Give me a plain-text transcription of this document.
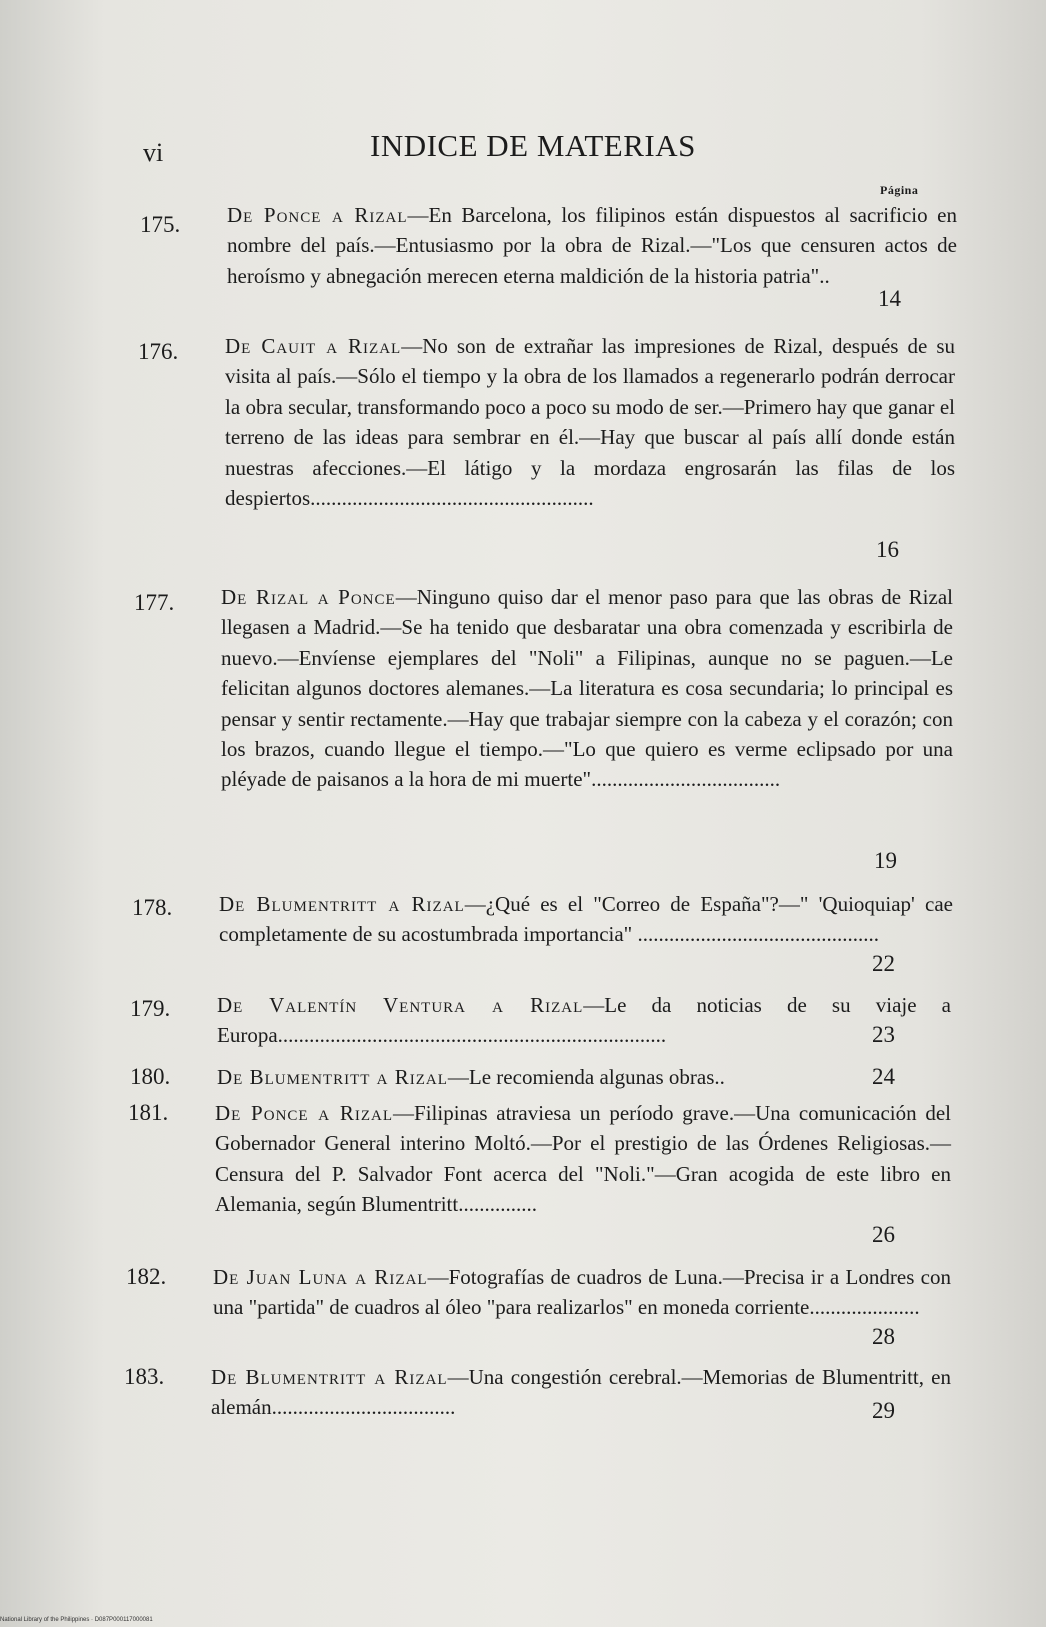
vi	INDICE DE MATERIAS
Página
175.	De Ponce a Rizal—En Barcelona, los filipinos están dispuestos al sacrificio en nombre del país.—Entusiasmo por la obra de Rizal.—"Los que censuren actos de heroísmo y abnegación merecen eterna maldición de la historia patria"..
14
176.	De Cauit a Rizal—No son de extrañar las impresiones de Rizal, después de su visita al país.—Sólo el tiempo y la obra de los llamados a regenerarlo podrán derrocar la obra secular, transformando poco a poco su modo de ser.—Primero hay que ganar el terreno de las ideas para sembrar en él.—Hay que buscar al país allí donde están nuestras afecciones.—El látigo y la mordaza engrosarán las filas de los despiertos......................................................
16
177.	De Rizal a Ponce—Ninguno quiso dar el menor paso para que las obras de Rizal llegasen a Madrid.—Se ha tenido que desbaratar una obra comenzada y escribirla de nuevo.—Envíense ejemplares del "Noli" a Filipinas, aunque no se paguen.—Le felicitan algunos doctores alemanes.—La literatura es cosa secundaria; lo principal es pensar y sentir rectamente.—Hay que trabajar siempre con la cabeza y el corazón; con los brazos, cuando llegue el tiempo.—"Lo que quiero es verme eclipsado por una pléyade de paisanos a la hora de mi muerte"....................................
19
178.	De Blumentritt a Rizal—¿Qué es el "Correo de España"?—" 'Quioquiap' cae completamente de su acostumbrada importancia" ..............................................
22
179.	De Valentín Ventura a Rizal—Le da noticias de su viaje a Europa..........................................................................	23
180.	De Blumentritt a Rizal—Le recomienda algunas obras..	24
181.	De Ponce a Rizal—Filipinas atraviesa un período grave.—Una comunicación del Gobernador General interino Moltó.—Por el prestigio de las Órdenes Religiosas.—Censura del P. Salvador Font acerca del "Noli."—Gran acogida de este libro en Alemania, según Blumentritt...............
26
182.	De Juan Luna a Rizal—Fotografías de cuadros de Luna.—Precisa ir a Londres con una "partida" de cuadros al óleo "para realizarlos" en moneda corriente.....................
28
183.	De Blumentritt a Rizal—Una congestión cerebral.—Memorias de Blumentritt, en alemán...................................	29
National Library of the Philippines · D087P000117000081
